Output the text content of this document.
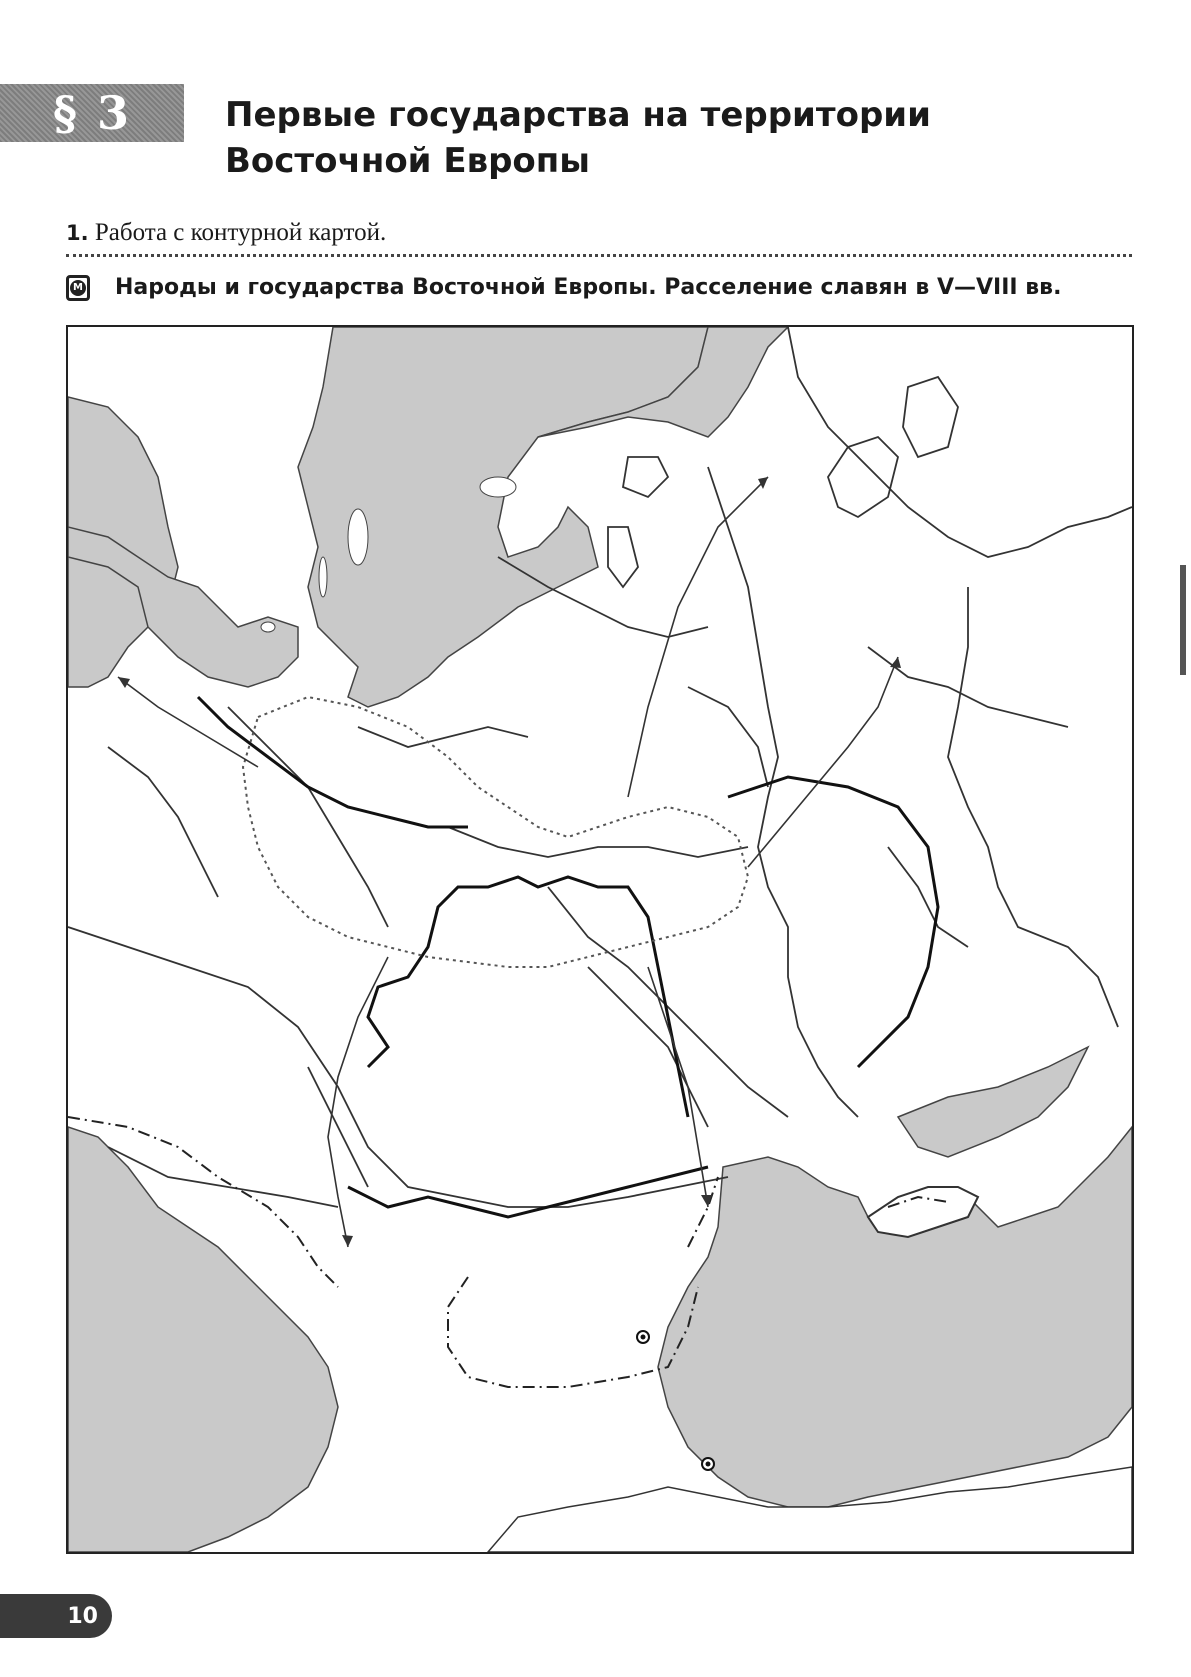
§ 3	Первые государства на территории
Восточной Европы
1. Работа с контурной картой.
M Народы и государства Восточной Европы. Расселение славян в V—VIII вв.
10
